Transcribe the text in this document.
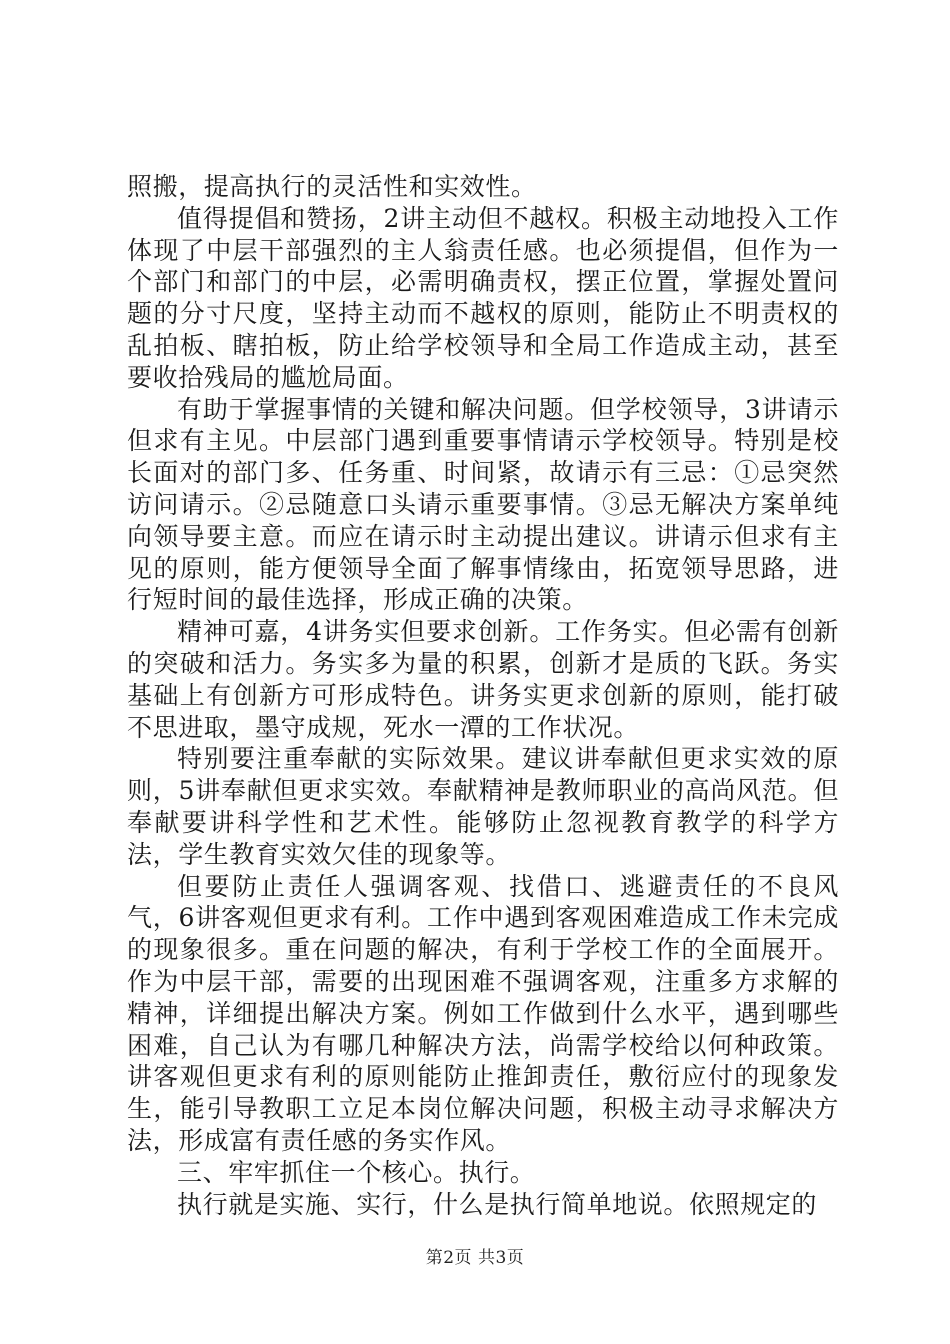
照搬，提高执行的灵活性和实效性。

值得提倡和赞扬，2讲主动但不越权。积极主动地投入工作体现了中层干部强烈的主人翁责任感。也必须提倡，但作为一个部门和部门的中层，必需明确责权，摆正位置，掌握处置问题的分寸尺度，坚持主动而不越权的原则，能防止不明责权的乱拍板、瞎拍板，防止给学校领导和全局工作造成主动，甚至要收拾残局的尴尬局面。

有助于掌握事情的关键和解决问题。但学校领导，3讲请示但求有主见。中层部门遇到重要事情请示学校领导。特别是校长面对的部门多、任务重、时间紧，故请示有三忌：①忌突然访问请示。②忌随意口头请示重要事情。③忌无解决方案单纯向领导要主意。而应在请示时主动提出建议。讲请示但求有主见的原则，能方便领导全面了解事情缘由，拓宽领导思路，进行短时间的最佳选择，形成正确的决策。

精神可嘉，4讲务实但要求创新。工作务实。但必需有创新的突破和活力。务实多为量的积累，创新才是质的飞跃。务实基础上有创新方可形成特色。讲务实更求创新的原则，能打破不思进取，墨守成规，死水一潭的工作状况。

特别要注重奉献的实际效果。建议讲奉献但更求实效的原则，5讲奉献但更求实效。奉献精神是教师职业的高尚风范。但奉献要讲科学性和艺术性。能够防止忽视教育教学的科学方法，学生教育实效欠佳的现象等。

但要防止责任人强调客观、找借口、逃避责任的不良风气，6讲客观但更求有利。工作中遇到客观困难造成工作未完成的现象很多。重在问题的解决，有利于学校工作的全面展开。作为中层干部，需要的出现困难不强调客观，注重多方求解的精神，详细提出解决方案。例如工作做到什么水平，遇到哪些困难，自己认为有哪几种解决方法，尚需学校给以何种政策。讲客观但更求有利的原则能防止推卸责任，敷衍应付的现象发生，能引导教职工立足本岗位解决问题，积极主动寻求解决方法，形成富有责任感的务实作风。

三、牢牢抓住一个核心。执行。

执行就是实施、实行，什么是执行简单地说。依照规定的

第2页 共3页
